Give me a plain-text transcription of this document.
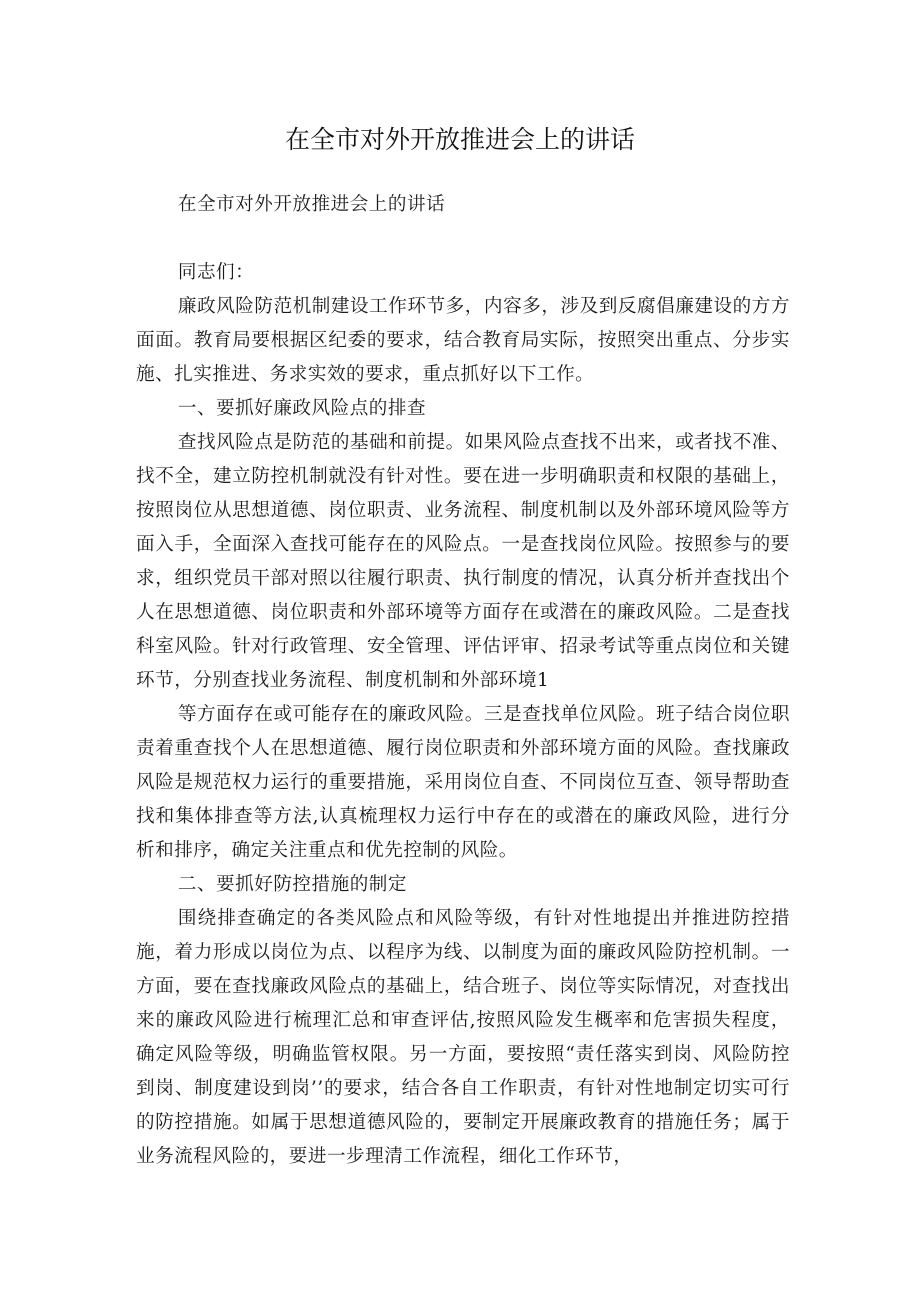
在全市对外开放推进会上的讲话

在全市对外开放推进会上的讲话

同志们：

廉政风险防范机制建设工作环节多，内容多，涉及到反腐倡廉建设的方方面面。教育局要根据区纪委的要求，结合教育局实际，按照突出重点、分步实施、扎实推进、务求实效的要求，重点抓好以下工作。

一、要抓好廉政风险点的排查

查找风险点是防范的基础和前提。如果风险点查找不出来，或者找不准、找不全，建立防控机制就没有针对性。要在进一步明确职责和权限的基础上，按照岗位从思想道德、岗位职责、业务流程、制度机制以及外部环境风险等方面入手，全面深入查找可能存在的风险点。一是查找岗位风险。按照参与的要求，组织党员干部对照以往履行职责、执行制度的情况，认真分析并查找出个人在思想道德、岗位职责和外部环境等方面存在或潜在的廉政风险。二是查找科室风险。针对行政管理、安全管理、评估评审、招录考试等重点岗位和关键环节，分别查找业务流程、制度机制和外部环境1

等方面存在或可能存在的廉政风险。三是查找单位风险。班子结合岗位职责着重查找个人在思想道德、履行岗位职责和外部环境方面的风险。查找廉政风险是规范权力运行的重要措施，采用岗位自查、不同岗位互查、领导帮助查找和集体排查等方法,认真梳理权力运行中存在的或潜在的廉政风险，进行分析和排序，确定关注重点和优先控制的风险。

二、要抓好防控措施的制定

围绕排查确定的各类风险点和风险等级，有针对性地提出并推进防控措施，着力形成以岗位为点、以程序为线、以制度为面的廉政风险防控机制。一方面，要在查找廉政风险点的基础上，结合班子、岗位等实际情况，对查找出来的廉政风险进行梳理汇总和审查评估,按照风险发生概率和危害损失程度，确定风险等级，明确监管权限。另一方面，要按照“责任落实到岗、风险防控到岗、制度建设到岗’’的要求，结合各自工作职责，有针对性地制定切实可行的防控措施。如属于思想道德风险的，要制定开展廉政教育的措施任务；属于业务流程风险的，要进一步理清工作流程，细化工作环节，
